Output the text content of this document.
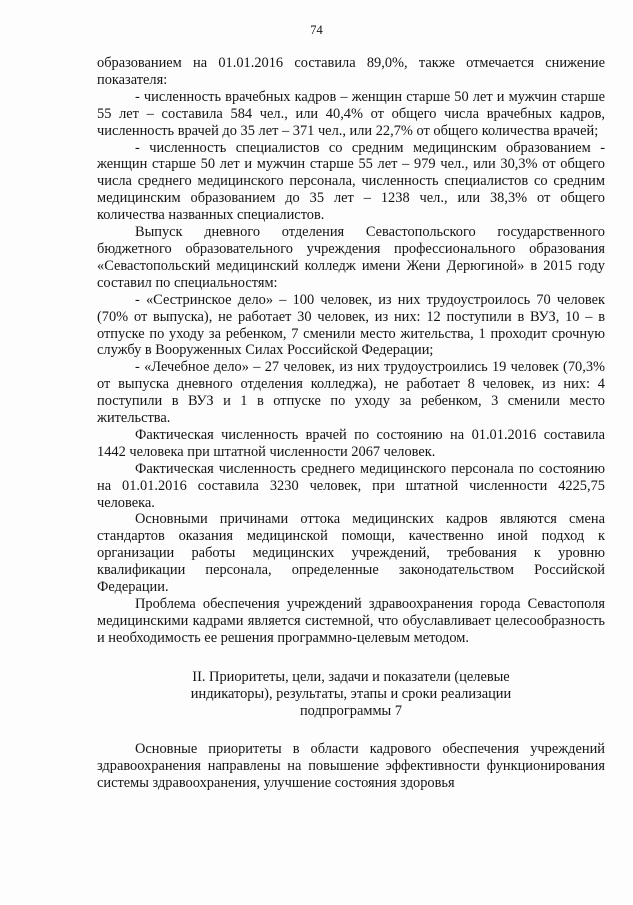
74

образованием на 01.01.2016 составила 89,0%, также отмечается снижение показателя:

- численность врачебных кадров – женщин старше 50 лет и мужчин старше 55 лет – составила 584 чел., или 40,4% от общего числа врачебных кадров, численность врачей до 35 лет – 371 чел., или 22,7% от общего количества врачей;

- численность специалистов со средним медицинским образованием - женщин старше 50 лет и мужчин старше 55 лет – 979 чел., или 30,3% от общего числа среднего медицинского персонала, численность специалистов со средним медицинским образованием до 35 лет – 1238 чел., или 38,3% от общего количества названных специалистов.

Выпуск дневного отделения Севастопольского государственного бюджетного образовательного учреждения профессионального образования «Севастопольский медицинский колледж имени Жени Дерюгиной» в 2015 году составил по специальностям:

- «Сестринское дело» – 100 человек, из них трудоустроилось 70 человек (70% от выпуска), не работает 30 человек, из них: 12 поступили в ВУЗ, 10 – в отпуске по уходу за ребенком, 7 сменили место жительства, 1 проходит срочную службу в Вооруженных Силах Российской Федерации;

- «Лечебное дело» – 27 человек, из них трудоустроились 19 человек (70,3% от выпуска дневного отделения колледжа), не работает 8 человек, из них: 4 поступили в ВУЗ и 1 в отпуске по уходу за ребенком, 3 сменили место жительства.

Фактическая численность врачей по состоянию на 01.01.2016 составила 1442 человека при штатной численности 2067 человек.

Фактическая численность среднего медицинского персонала по состоянию на 01.01.2016 составила 3230 человек, при штатной численности 4225,75 человека.

Основными причинами оттока медицинских кадров являются смена стандартов оказания медицинской помощи, качественно иной подход к организации работы медицинских учреждений, требования к уровню квалификации персонала, определенные законодательством Российской Федерации.

Проблема обеспечения учреждений здравоохранения города Севастополя медицинскими кадрами является системной, что обуславливает целесообразность и необходимость ее решения программно-целевым методом.

II. Приоритеты, цели, задачи и показатели (целевые
индикаторы), результаты, этапы и сроки реализации
подпрограммы 7

Основные приоритеты в области кадрового обеспечения учреждений здравоохранения направлены на повышение эффективности функционирования системы здравоохранения, улучшение состояния здоровья
